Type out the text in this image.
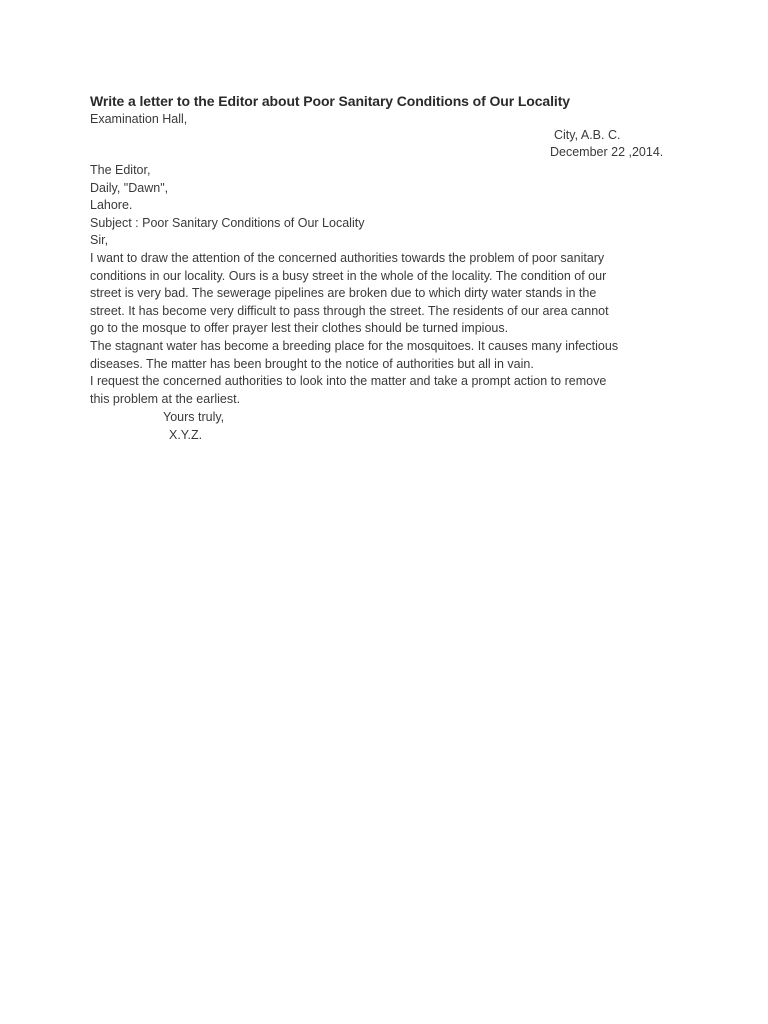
Write a letter to the Editor about Poor Sanitary Conditions of Our Locality
Examination Hall,
City, A.B. C.
December 22 ,2014.
The Editor,
Daily, "Dawn",
Lahore.
Subject : Poor Sanitary Conditions of Our Locality
Sir,
I want to draw the attention of the concerned authorities towards the problem of poor sanitary
conditions in our locality. Ours is a busy street in the whole of the locality. The condition of our
street is very bad. The sewerage pipelines are broken due to which dirty water stands in the
street. It has become very difficult to pass through the street. The residents of our area cannot
go to the mosque to offer prayer lest their clothes should be turned impious.
The stagnant water has become a breeding place for the mosquitoes. It causes many infectious
diseases. The matter has been brought to the notice of authorities but all in vain.
I request the concerned authorities to look into the matter and take a prompt action to remove
this problem at the earliest.
Yours truly,
X.Y.Z.
